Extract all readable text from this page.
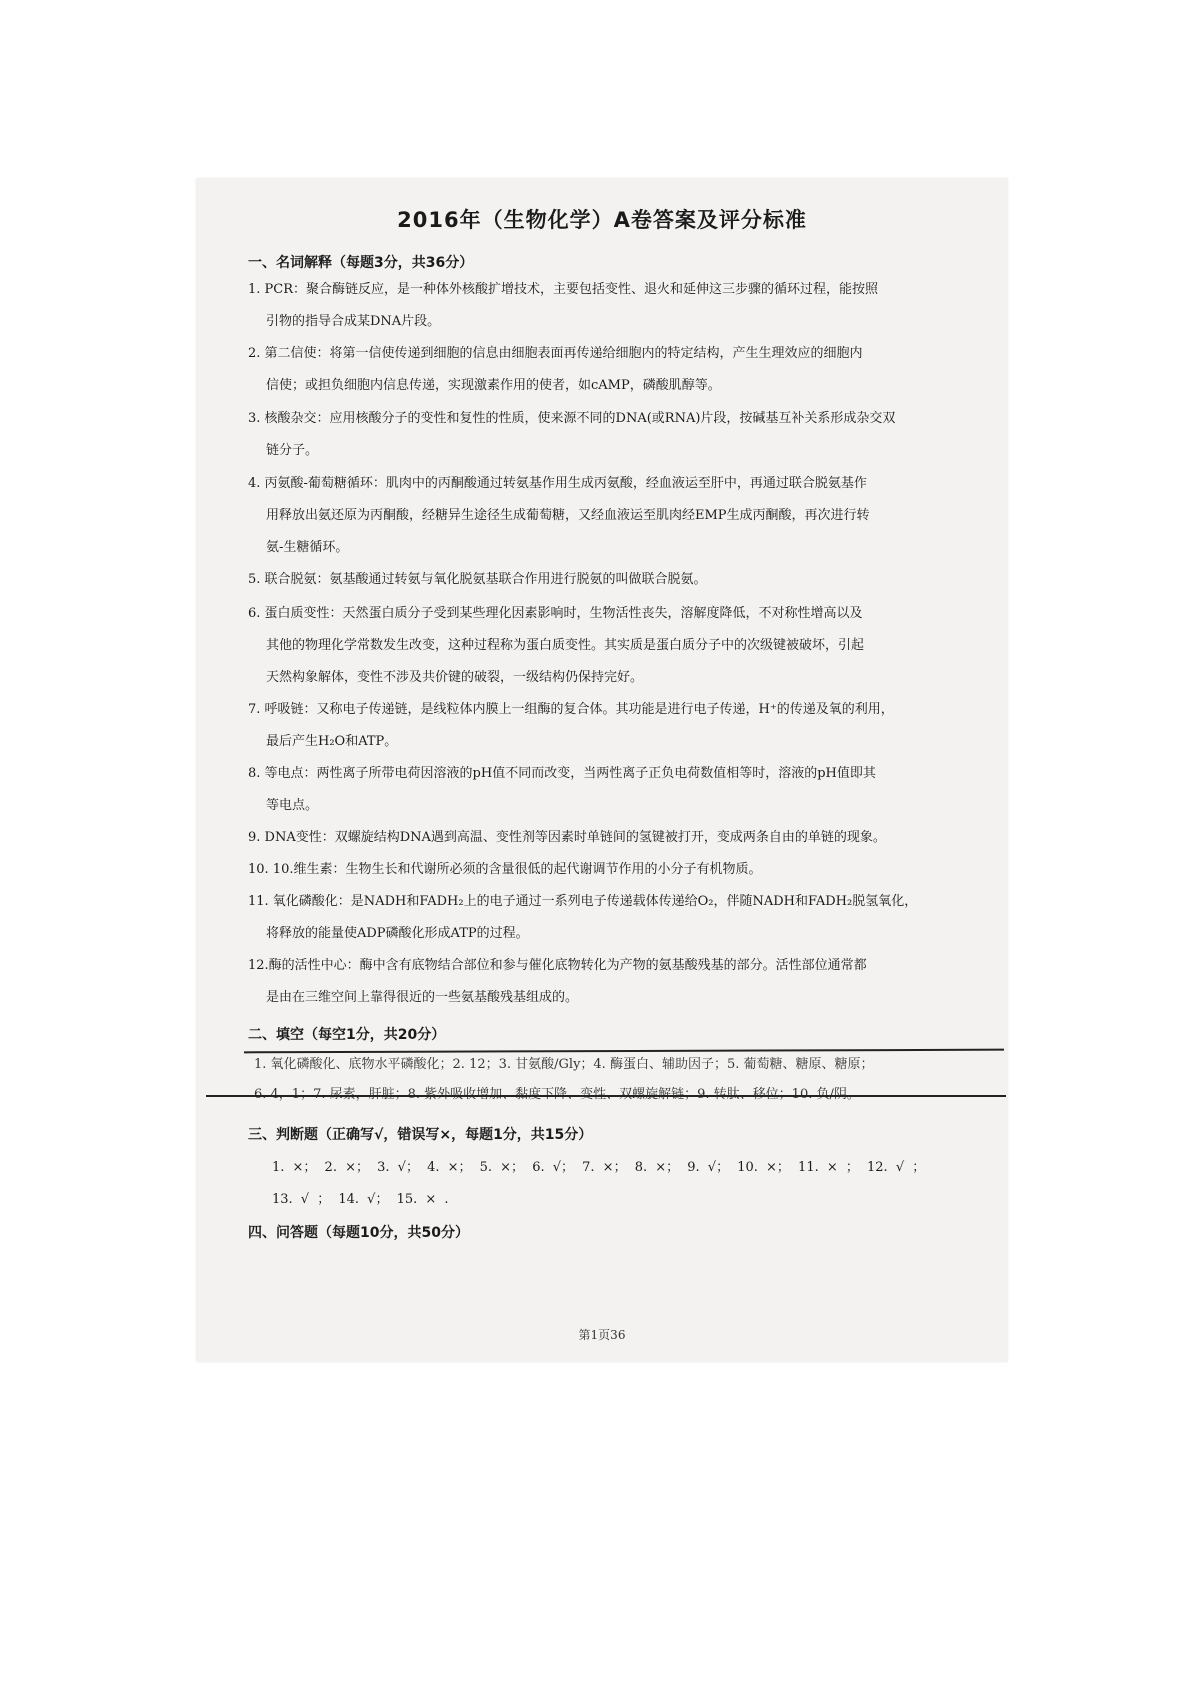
2016年（生物化学）A卷答案及评分标准
一、名词解释（每题3分，共36分）
1. PCR：聚合酶链反应，是一种体外核酸扩增技术，主要包括变性、退火和延伸这三步骤的循环过程，能按照
引物的指导合成某DNA片段。
2. 第二信使：将第一信使传递到细胞的信息由细胞表面再传递给细胞内的特定结构，产生生理效应的细胞内
信使；或担负细胞内信息传递，实现激素作用的使者，如cAMP，磷酸肌醇等。
3. 核酸杂交：应用核酸分子的变性和复性的性质，使来源不同的DNA(或RNA)片段，按碱基互补关系形成杂交双
链分子。
4. 丙氨酸-葡萄糖循环：肌肉中的丙酮酸通过转氨基作用生成丙氨酸，经血液运至肝中，再通过联合脱氨基作
用释放出氨还原为丙酮酸，经糖异生途径生成葡萄糖，又经血液运至肌肉经EMP生成丙酮酸，再次进行转
氨-生糖循环。
5. 联合脱氨：氨基酸通过转氨与氧化脱氨基联合作用进行脱氨的叫做联合脱氨。
6. 蛋白质变性：天然蛋白质分子受到某些理化因素影响时，生物活性丧失，溶解度降低，不对称性增高以及
其他的物理化学常数发生改变，这种过程称为蛋白质变性。其实质是蛋白质分子中的次级键被破坏，引起
天然构象解体，变性不涉及共价键的破裂，一级结构仍保持完好。
7. 呼吸链：又称电子传递链，是线粒体内膜上一组酶的复合体。其功能是进行电子传递，H⁺的传递及氧的利用，
最后产生H₂O和ATP。
8. 等电点：两性离子所带电荷因溶液的pH值不同而改变，当两性离子正负电荷数值相等时，溶液的pH值即其
等电点。
9. DNA变性：双螺旋结构DNA遇到高温、变性剂等因素时单链间的氢键被打开，变成两条自由的单链的现象。
10. 10.维生素：生物生长和代谢所必须的含量很低的起代谢调节作用的小分子有机物质。
11. 氧化磷酸化：是NADH和FADH₂上的电子通过一系列电子传递载体传递给O₂，伴随NADH和FADH₂脱氢氧化，
将释放的能量使ADP磷酸化形成ATP的过程。
12.酶的活性中心：酶中含有底物结合部位和参与催化底物转化为产物的氨基酸残基的部分。活性部位通常都
是由在三维空间上靠得很近的一些氨基酸残基组成的。
二、填空（每空1分，共20分）
1. 氧化磷酸化、底物水平磷酸化；2. 12；3. 甘氨酸/Gly；4. 酶蛋白、辅助因子；5. 葡萄糖、糖原、糖原；
三、判断题（正确写√，错误写×，每题1分，共15分）
1. ×； 2. ×； 3. √； 4. ×； 5. ×； 6. √； 7. ×； 8. ×； 9. √； 10. ×； 11. × ； 12. √ ；
13. √ ； 14. √； 15. × .
四、问答题（每题10分，共50分）
第1页36
